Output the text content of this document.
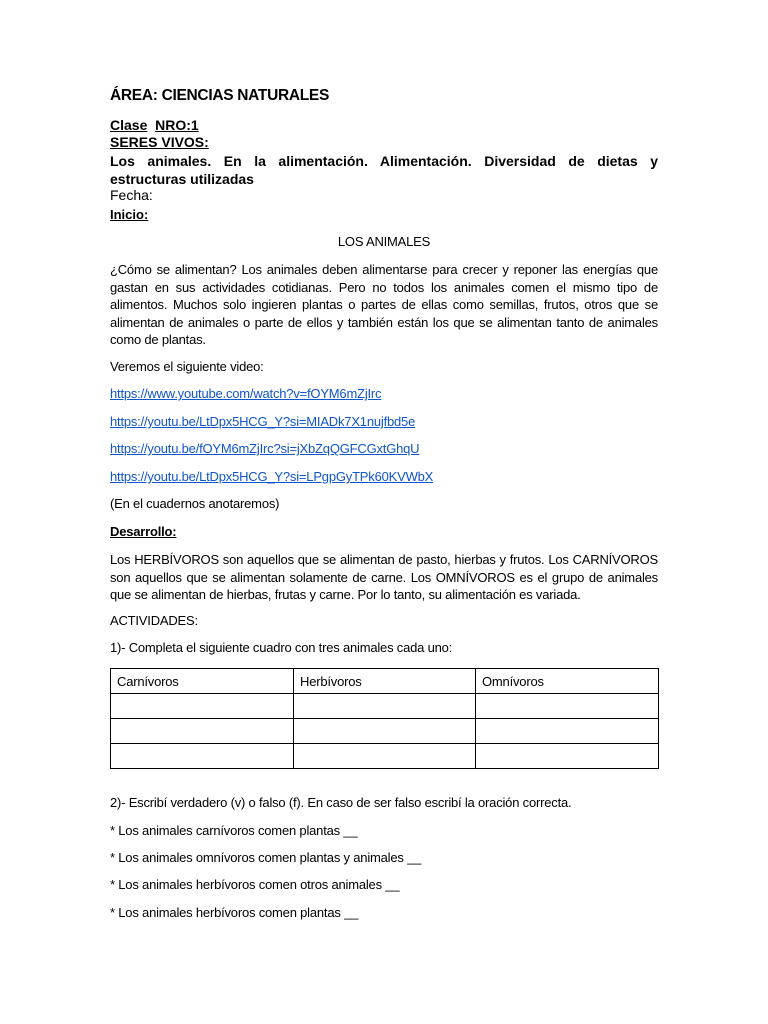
ÁREA: CIENCIAS NATURALES
Clase NRO:1
SERES VIVOS:
Los animales. En la alimentación. Alimentación. Diversidad de dietas y estructuras utilizadas
Fecha:
Inicio:
LOS ANIMALES
¿Cómo se alimentan? Los animales deben alimentarse para crecer y reponer las energías que gastan en sus actividades cotidianas. Pero no todos los animales comen el mismo tipo de alimentos. Muchos solo ingieren plantas o partes de ellas como semillas, frutos, otros que se alimentan de animales o parte de ellos y también están los que se alimentan tanto de animales como de plantas.
Veremos el siguiente video:
https://www.youtube.com/watch?v=fOYM6mZjIrc
https://youtu.be/LtDpx5HCG_Y?si=MIADk7X1nujfbd5e
https://youtu.be/fOYM6mZjIrc?si=jXbZqQGFCGxtGhqU
https://youtu.be/LtDpx5HCG_Y?si=LPgpGyTPk60KVWbX
(En el cuadernos anotaremos)
Desarrollo:
Los HERBÍVOROS son aquellos que se alimentan de pasto, hierbas y frutos. Los CARNÍVOROS son aquellos que se alimentan solamente de carne. Los OMNÍVOROS es el grupo de animales que se alimentan de hierbas, frutas y carne. Por lo tanto, su alimentación es variada.
ACTIVIDADES:
1)- Completa el siguiente cuadro con tres animales cada uno:
Carnívoros	Herbívoros	Omnívoros

2)- Escribí verdadero (v) o falso (f). En caso de ser falso escribí la oración correcta.
* Los animales carnívoros comen plantas __
* Los animales omnívoros comen plantas y animales __
* Los animales herbívoros comen otros animales __
* Los animales herbívoros comen plantas __
